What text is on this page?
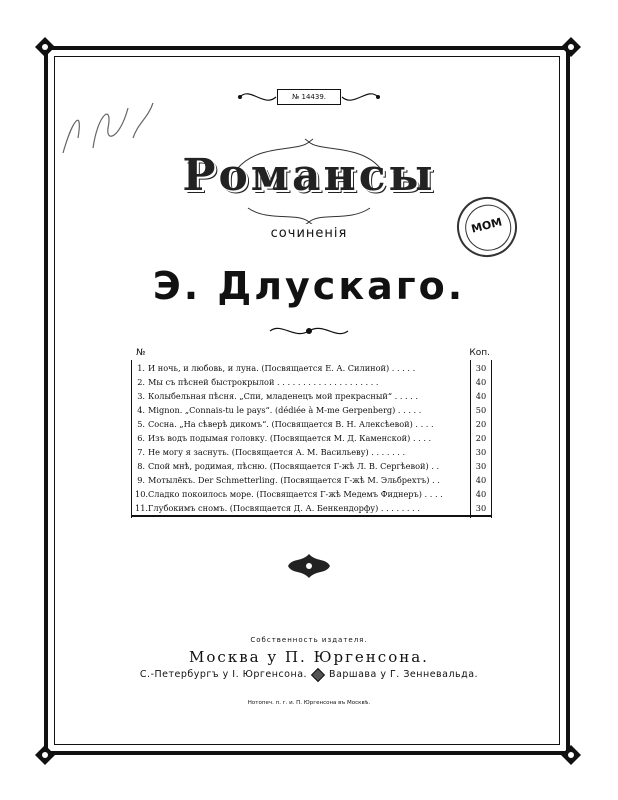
№ 14439.
Романсы
сочиненія
Э. Длускаго.
МОМ
№	Коп.
1. И ночь, и любовь, и луна. (Посвящается Е. А. Силиной) . . . . .	30
2. Мы съ пѣсней быстрокрылой . . . . . . . . . . . . . . . . . . . .	40
3. Колыбельная пѣсня. „Спи, младенецъ мой прекрасный“ . . . . .	40
4. Mignon. „Connais-tu le pays“. (dédiée à M-me Gerpenberg) . . . . .	50
5. Сосна. „На сѣверѣ дикомъ“. (Посвящается В. Н. Алексѣевой) . . . .	20
6. Изъ водъ подымая головку. (Посвящается М. Д. Каменской) . . . .	20
7. Не могу я заснуть. (Посвящается А. М. Васильеву) . . . . . . .	30
8. Спой мнѣ, родимая, пѣсню. (Посвящается Г-жѣ Л. В. Сергѣевой) . .	30
9. Мотылёкъ. Der Schmetterling. (Посвящается Г-жѣ М. Эльбрехтъ) . .	40
10. Сладко покоилось море. (Посвящается Г-жѣ Медемъ Фиднеръ) . . . .	40
11. Глубокимъ сномъ. (Посвящается Д. А. Бенкендорфу) . . . . . . . .	30
Собственность издателя.
Москва у П. Юргенсона.
С.-Петербургъ у І. Юргенсона. Варшава у Г. Зенневальда.
Нотопеч. п. г. и. П. Юргенсона въ Москвѣ.
